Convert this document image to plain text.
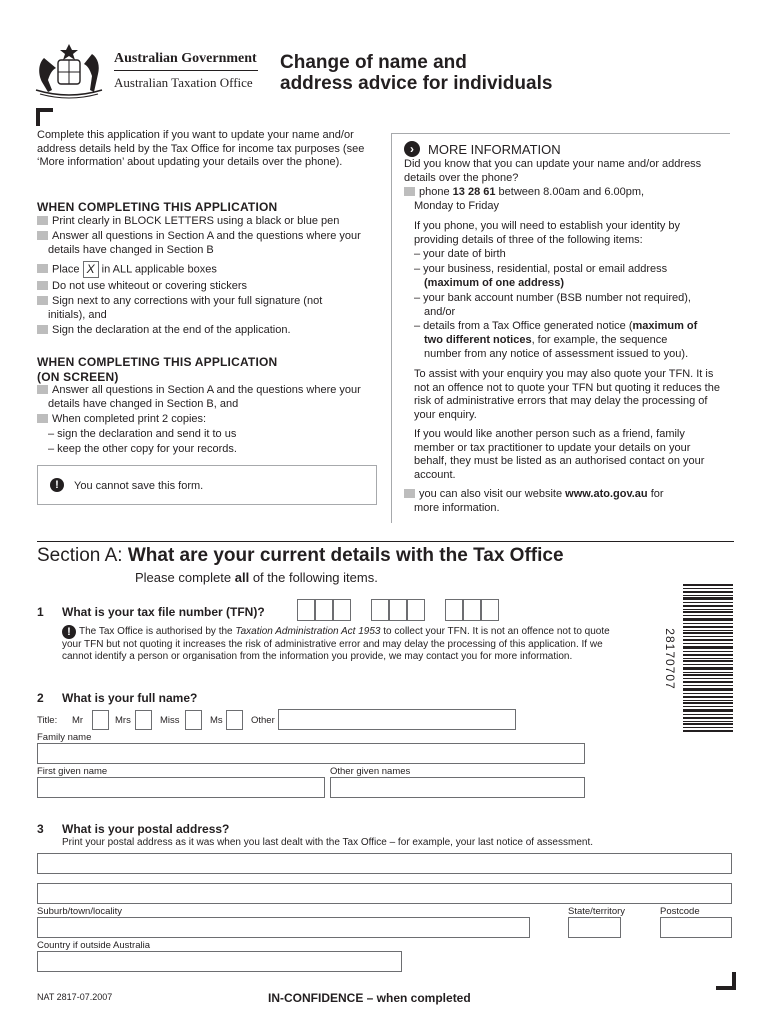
Australian Government
Australian Taxation Office
Change of name and
address advice for individuals
Complete this application if you want to update your name and/or address details held by the Tax Office for income tax purposes (see ‘More information’ about updating your details over the phone).
WHEN COMPLETING THIS APPLICATION
Print clearly in BLOCK LETTERS using a black or blue pen
Answer all questions in Section A and the questions where your details have changed in Section B
Place X in ALL applicable boxes
Do not use whiteout or covering stickers
Sign next to any corrections with your full signature (not initials), and
Sign the declaration at the end of the application.
WHEN COMPLETING THIS APPLICATION
(ON SCREEN)
Answer all questions in Section A and the questions where your details have changed in Section B, and
When completed print 2 copies:
– sign the declaration and send it to us
– keep the other copy for your records.
!	You cannot save this form.
›	MORE INFORMATION
Did you know that you can update your name and/or address details over the phone?
phone 13 28 61 between 8.00am and 6.00pm,
Monday to Friday
If you phone, you will need to establish your identity by providing details of three of the following items:
– your date of birth
– your business, residential, postal or email address
(maximum of one address)
– your bank account number (BSB number not required),
and/or
– details from a Tax Office generated notice (maximum of
two different notices, for example, the sequence
number from any notice of assessment issued to you).
To assist with your enquiry you may also quote your TFN. It is not an offence not to quote your TFN but quoting it reduces the risk of administrative errors that may delay the processing of your enquiry.
If you would like another person such as a friend, family member or tax practitioner to update your details on your behalf, they must be listed as an authorised contact on your account.
you can also visit our website www.ato.gov.au for
more information.
Section A: What are your current details with the Tax Office
Please complete all of the following items.
1 What is your tax file number (TFN)?
! The Tax Office is authorised by the Taxation Administration Act 1953 to collect your TFN. It is not an offence not to quote your TFN but not quoting it increases the risk of administrative error and may delay the processing of this application. If we cannot identify a person or organisation from the information you provide, we may contact you for more information.	28170707
2 What is your full name?
Title: Mr	Mrs	Miss	Ms	Other
Family name
First given name	Other given names
3 What is your postal address?
Print your postal address as it was when you last dealt with the Tax Office – for example, your last notice of assessment.
Suburb/town/locality	State/territory	Postcode
Country if outside Australia
NAT 2817-07.2007	IN-CONFIDENCE – when completed
